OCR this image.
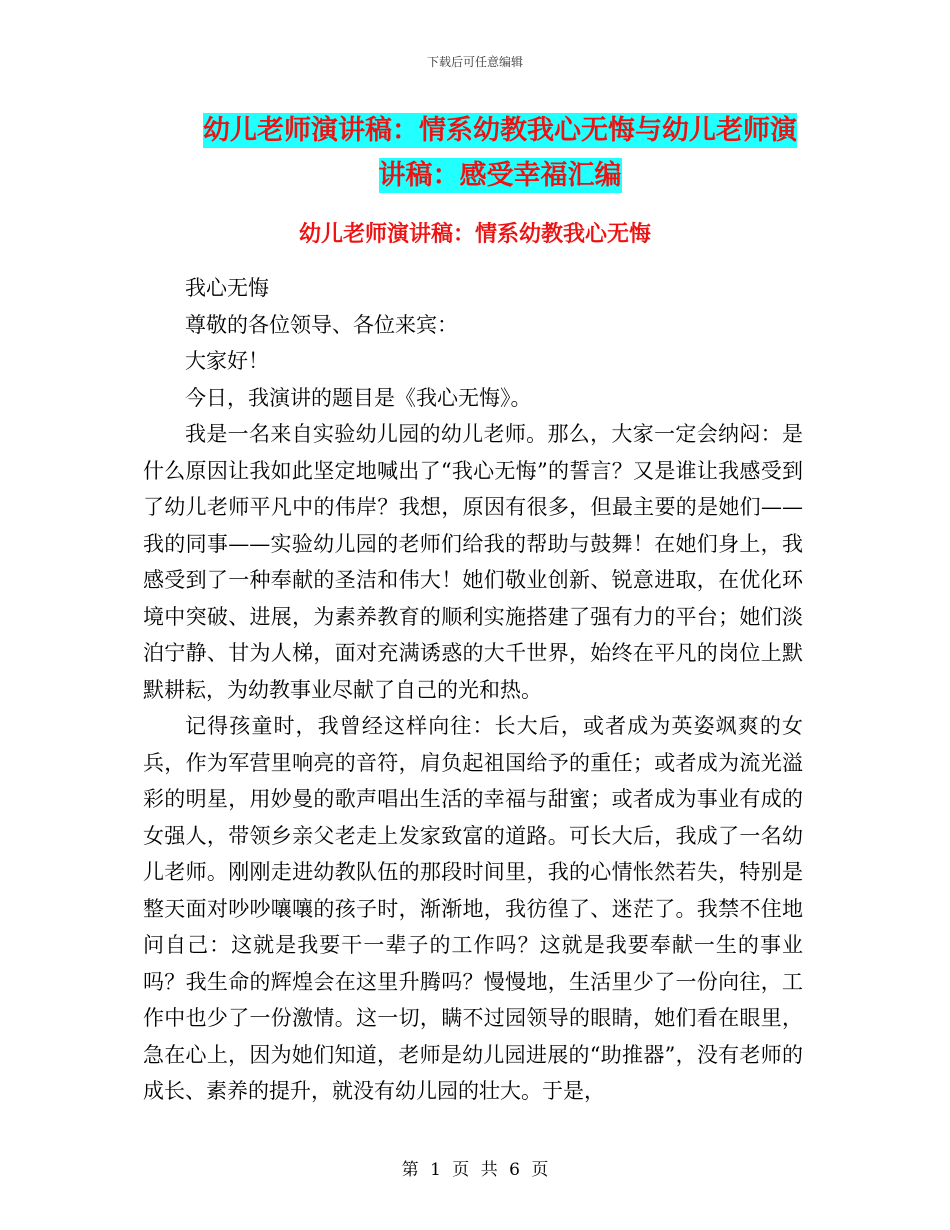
下载后可任意编辑
幼儿老师演讲稿：情系幼教我心无悔与幼儿老师演讲稿：感受幸福汇编
幼儿老师演讲稿：情系幼教我心无悔

我心无悔

尊敬的各位领导、各位来宾：

大家好！

今日，我演讲的题目是《我心无悔》。

我是一名来自实验幼儿园的幼儿老师。那么，大家一定会纳闷：是什么原因让我如此坚定地喊出了“我心无悔”的誓言？又是谁让我感受到了幼儿老师平凡中的伟岸？我想，原因有很多，但最主要的是她们——我的同事——实验幼儿园的老师们给我的帮助与鼓舞！在她们身上，我感受到了一种奉献的圣洁和伟大！她们敬业创新、锐意进取，在优化环境中突破、进展，为素养教育的顺利实施搭建了强有力的平台；她们淡泊宁静、甘为人梯，面对充满诱惑的大千世界，始终在平凡的岗位上默默耕耘，为幼教事业尽献了自己的光和热。

记得孩童时，我曾经这样向往：长大后，或者成为英姿飒爽的女兵，作为军营里响亮的音符，肩负起祖国给予的重任；或者成为流光溢彩的明星，用妙曼的歌声唱出生活的幸福与甜蜜；或者成为事业有成的女强人，带领乡亲父老走上发家致富的道路。可长大后，我成了一名幼儿老师。刚刚走进幼教队伍的那段时间里，我的心情怅然若失，特别是整天面对吵吵嚷嚷的孩子时，渐渐地，我彷徨了、迷茫了。我禁不住地问自己：这就是我要干一辈子的工作吗？这就是我要奉献一生的事业吗？我生命的辉煌会在这里升腾吗？慢慢地，生活里少了一份向往，工作中也少了一份激情。这一切，瞒不过园领导的眼睛，她们看在眼里，急在心上，因为她们知道，老师是幼儿园进展的“助推器”，没有老师的成长、素养的提升，就没有幼儿园的壮大。于是，

第 1 页 共 6 页
